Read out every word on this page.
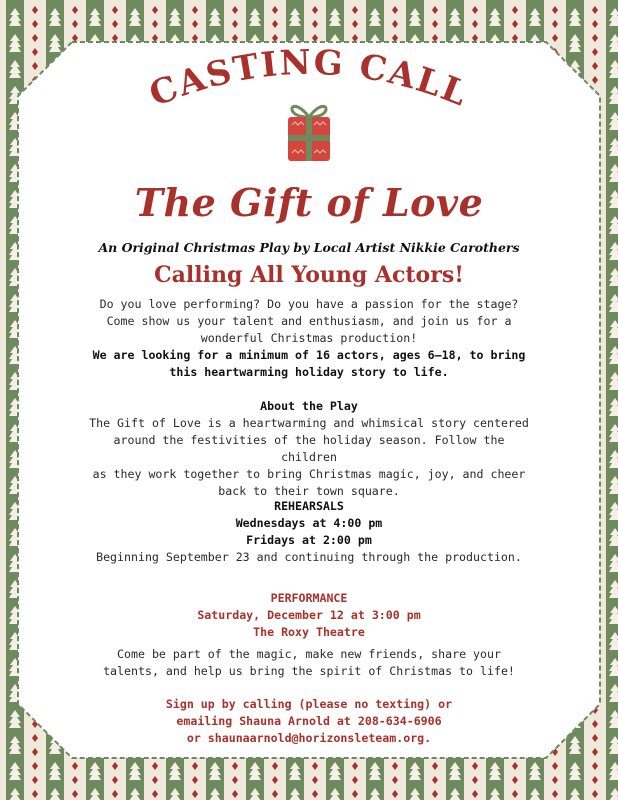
CASTING CALL
The Gift of Love

An Original Christmas Play by Local Artist Nikkie Carothers

Calling All Young Actors!
Do you love performing? Do you have a passion for the stage?
Come show us your talent and enthusiasm, and join us for a
wonderful Christmas production!
We are looking for a minimum of 16 actors, ages 6–18, to bring
this heartwarming holiday story to life.
About the Play
The Gift of Love is a heartwarming and whimsical story centered
around the festivities of the holiday season. Follow the children
as they work together to bring Christmas magic, joy, and cheer
back to their town square.
REHEARSALS
Wednesdays at 4:00 pm
Fridays at 2:00 pm
Beginning September 23 and continuing through the production.
PERFORMANCE
Saturday, December 12 at 3:00 pm
The Roxy Theatre
Come be part of the magic, make new friends, share your
talents, and help us bring the spirit of Christmas to life!
Sign up by calling (please no texting) or
emailing Shauna Arnold at 208-634-6906
or shaunaarnold@horizonsleteam.org.
